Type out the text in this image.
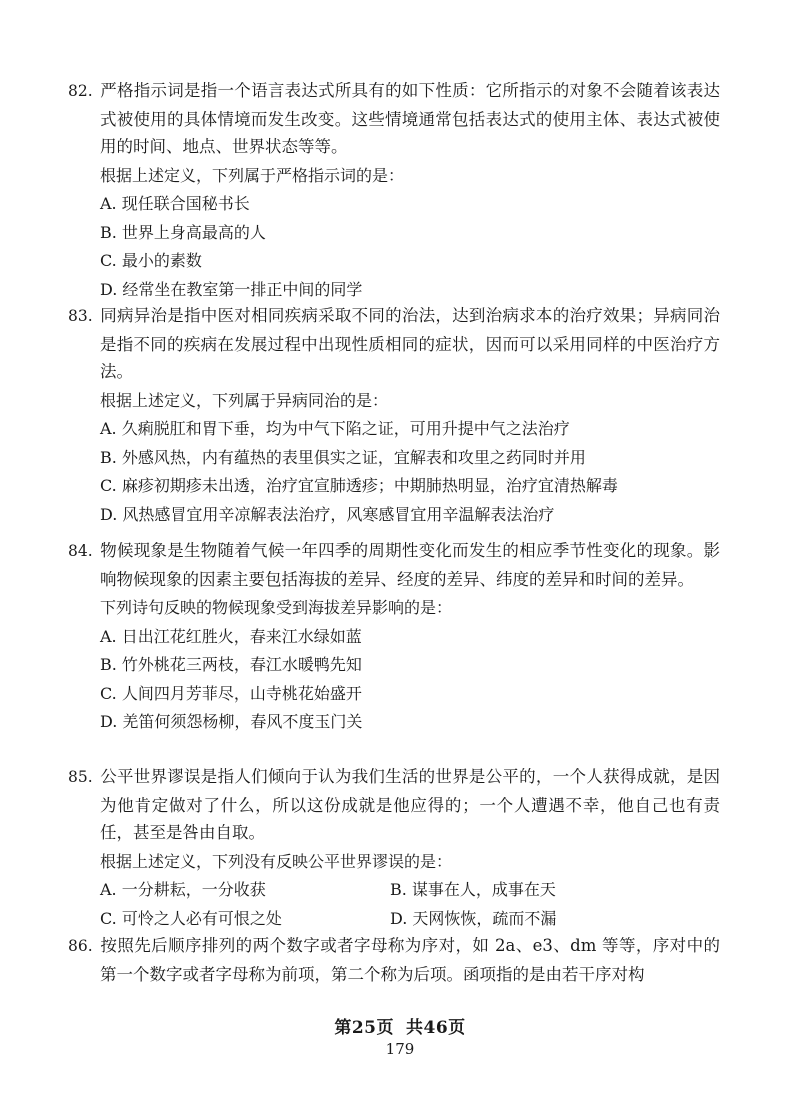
82. 严格指示词是指一个语言表达式所具有的如下性质：它所指示的对象不会随着该表达式被使用的具体情境而发生改变。这些情境通常包括表达式的使用主体、表达式被使用的时间、地点、世界状态等等。

根据上述定义，下列属于严格指示词的是：

A. 现任联合国秘书长

B. 世界上身高最高的人

C. 最小的素数

D. 经常坐在教室第一排正中间的同学

83. 同病异治是指中医对相同疾病采取不同的治法，达到治病求本的治疗效果；异病同治是指不同的疾病在发展过程中出现性质相同的症状，因而可以采用同样的中医治疗方法。

根据上述定义，下列属于异病同治的是：

A. 久痢脱肛和胃下垂，均为中气下陷之证，可用升提中气之法治疗

B. 外感风热，内有蕴热的表里俱实之证，宜解表和攻里之药同时并用

C. 麻疹初期疹未出透，治疗宜宣肺透疹；中期肺热明显，治疗宜清热解毒

D. 风热感冒宜用辛凉解表法治疗，风寒感冒宜用辛温解表法治疗

84. 物候现象是生物随着气候一年四季的周期性变化而发生的相应季节性变化的现象。影响物候现象的因素主要包括海拔的差异、经度的差异、纬度的差异和时间的差异。

下列诗句反映的物候现象受到海拔差异影响的是：

A. 日出江花红胜火，春来江水绿如蓝

B. 竹外桃花三两枝，春江水暖鸭先知

C. 人间四月芳菲尽，山寺桃花始盛开

D. 羌笛何须怨杨柳，春风不度玉门关

85. 公平世界谬误是指人们倾向于认为我们生活的世界是公平的，一个人获得成就，是因为他肯定做对了什么，所以这份成就是他应得的；一个人遭遇不幸，他自己也有责任，甚至是咎由自取。

根据上述定义，下列没有反映公平世界谬误的是：

A. 一分耕耘，一分收获	B. 谋事在人，成事在天

C. 可怜之人必有可恨之处	D. 天网恢恢，疏而不漏

86. 按照先后顺序排列的两个数字或者字母称为序对，如 2a、e3、dm 等等，序对中的第一个数字或者字母称为前项，第二个称为后项。函项指的是由若干序对构

第25页 共46页
179
